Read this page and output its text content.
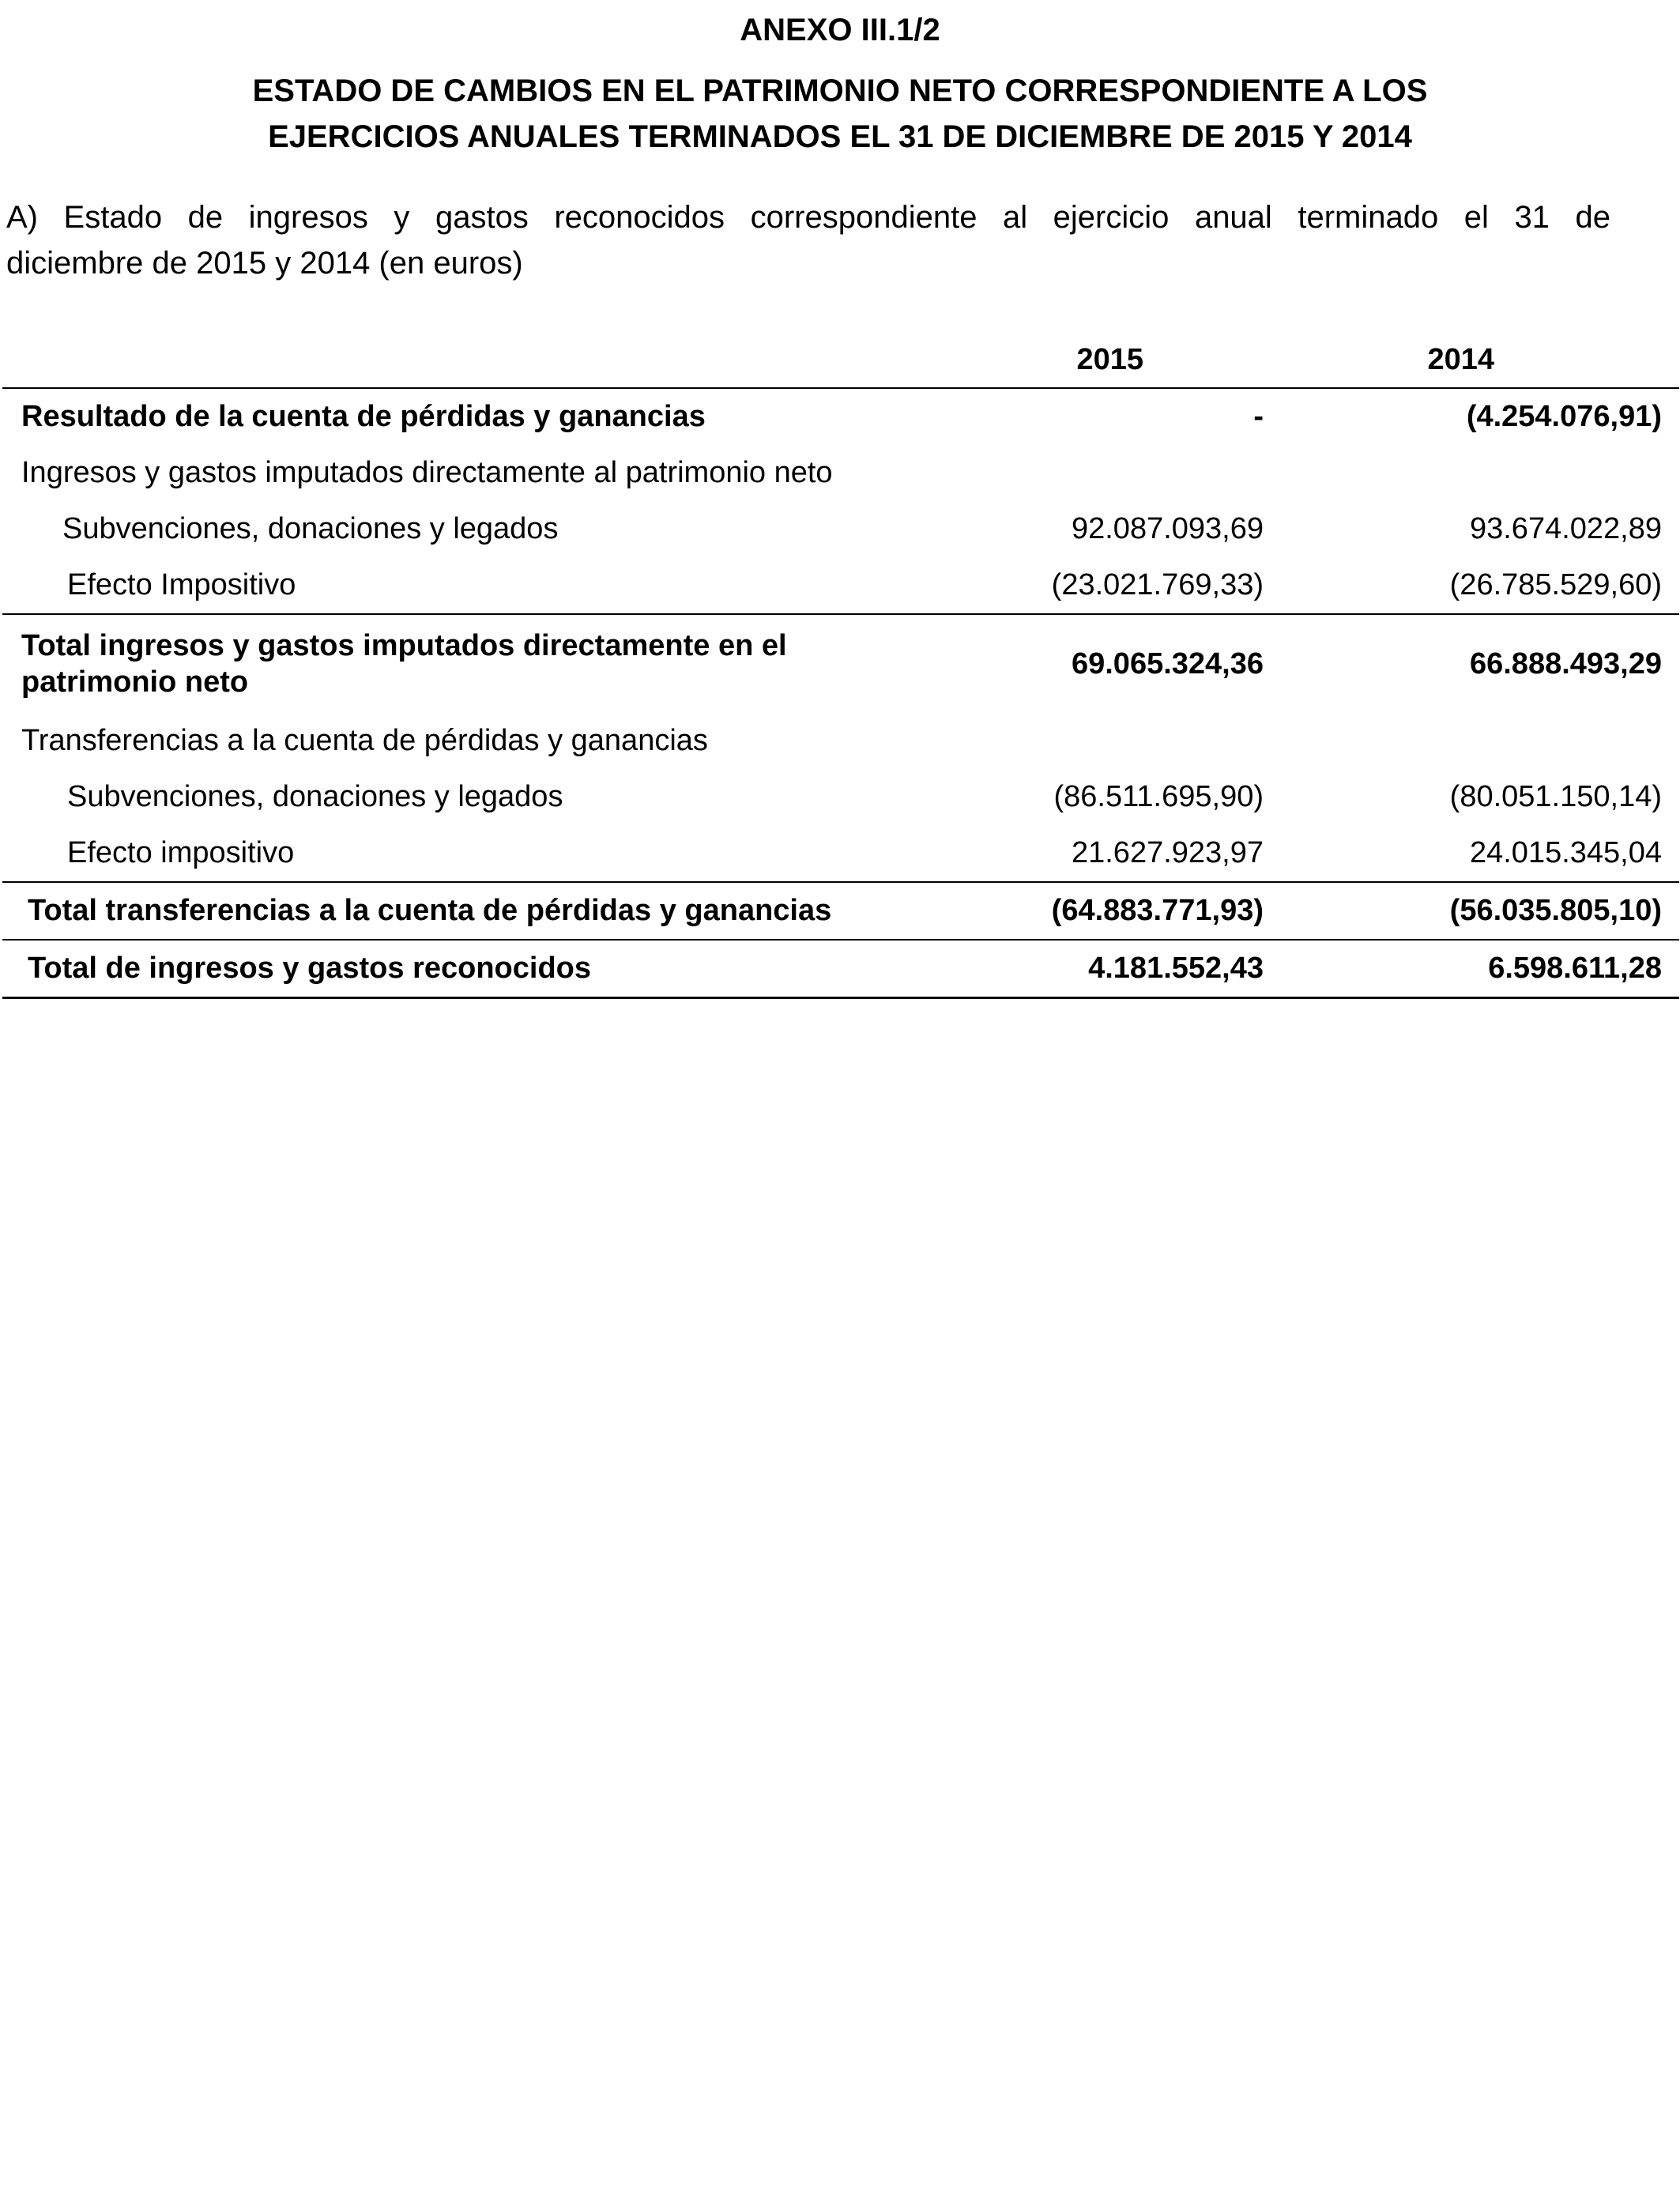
ANEXO III.1/2
ESTADO DE CAMBIOS EN EL PATRIMONIO NETO CORRESPONDIENTE A LOS
EJERCICIOS ANUALES TERMINADOS EL 31 DE DICIEMBRE DE 2015 Y 2014
A) Estado de ingresos y gastos reconocidos correspondiente al ejercicio anual terminado el 31 de
diciembre de 2015 y 2014 (en euros)
	2015	2014
Resultado de la cuenta de pérdidas y ganancias	-	(4.254.076,91)
Ingresos y gastos imputados directamente al patrimonio neto		
Subvenciones, donaciones y legados	92.087.093,69	93.674.022,89
Efecto Impositivo	(23.021.769,33)	(26.785.529,60)
Total ingresos y gastos imputados directamente en el
patrimonio neto	69.065.324,36	66.888.493,29
Transferencias a la cuenta de pérdidas y ganancias		
Subvenciones, donaciones y legados	(86.511.695,90)	(80.051.150,14)
Efecto impositivo	21.627.923,97	24.015.345,04
Total transferencias a la cuenta de pérdidas y ganancias	(64.883.771,93)	(56.035.805,10)
Total de ingresos y gastos reconocidos	4.181.552,43	6.598.611,28
